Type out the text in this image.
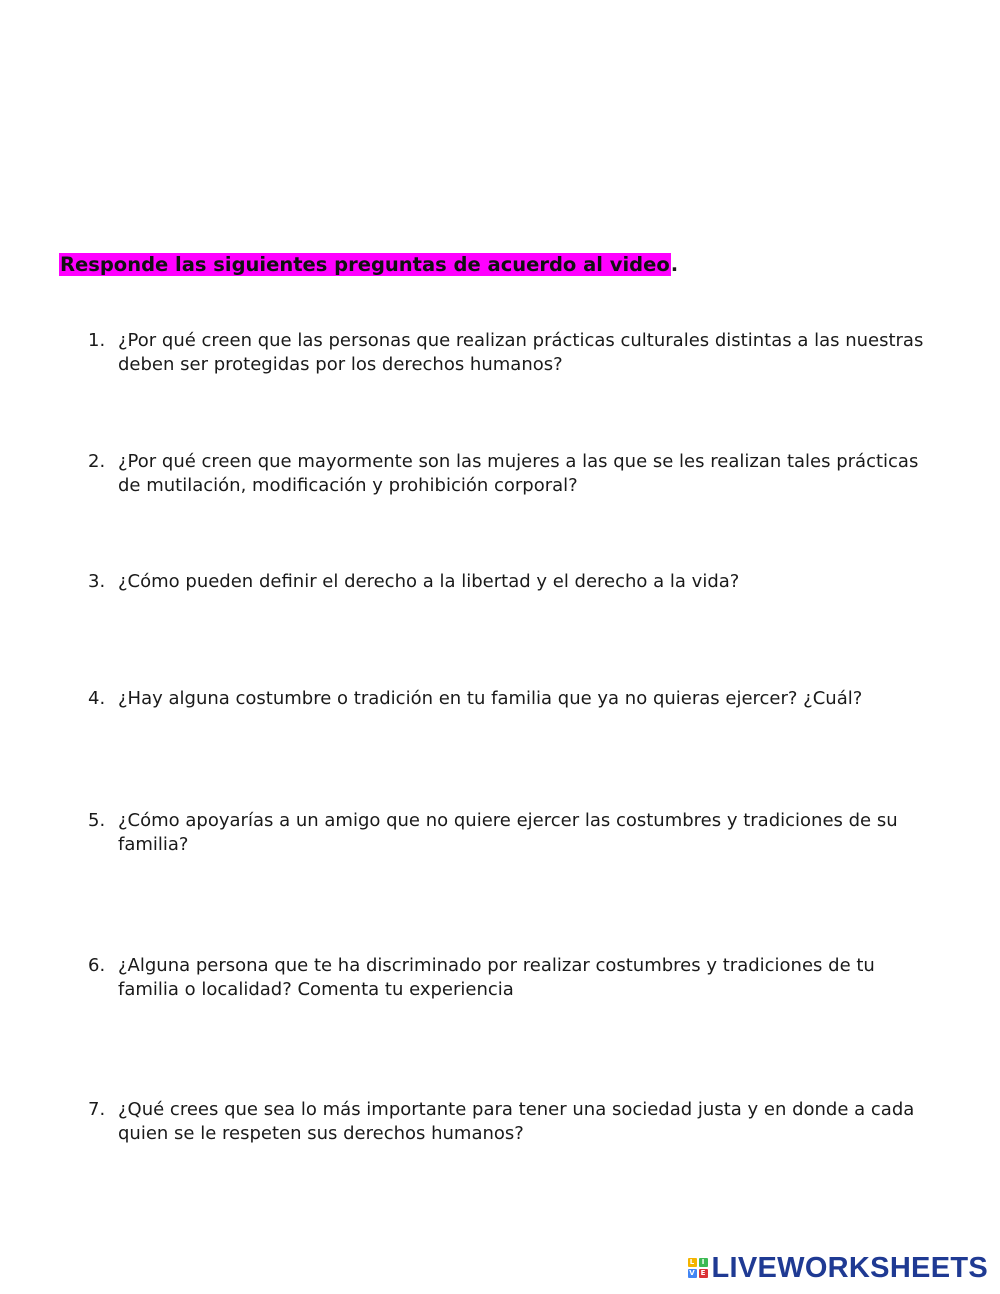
Responde las siguientes preguntas de acuerdo al video.
1. ¿Por qué creen que las personas que realizan prácticas culturales distintas a las nuestras deben ser protegidas por los derechos humanos?
2. ¿Por qué creen que mayormente son las mujeres a las que se les realizan tales prácticas de mutilación, modificación y prohibición corporal?
3. ¿Cómo pueden definir el derecho a la libertad y el derecho a la vida?
4. ¿Hay alguna costumbre o tradición en tu familia que ya no quieras ejercer? ¿Cuál?
5. ¿Cómo apoyarías a un amigo que no quiere ejercer las costumbres y tradiciones de su familia?
6. ¿Alguna persona que te ha discriminado por realizar costumbres y tradiciones de tu familia o localidad? Comenta tu experiencia
7. ¿Qué crees que sea lo más importante para tener una sociedad justa y en donde a cada quien se le respeten sus derechos humanos?
L	I
V E LIVEWORKSHEETS
